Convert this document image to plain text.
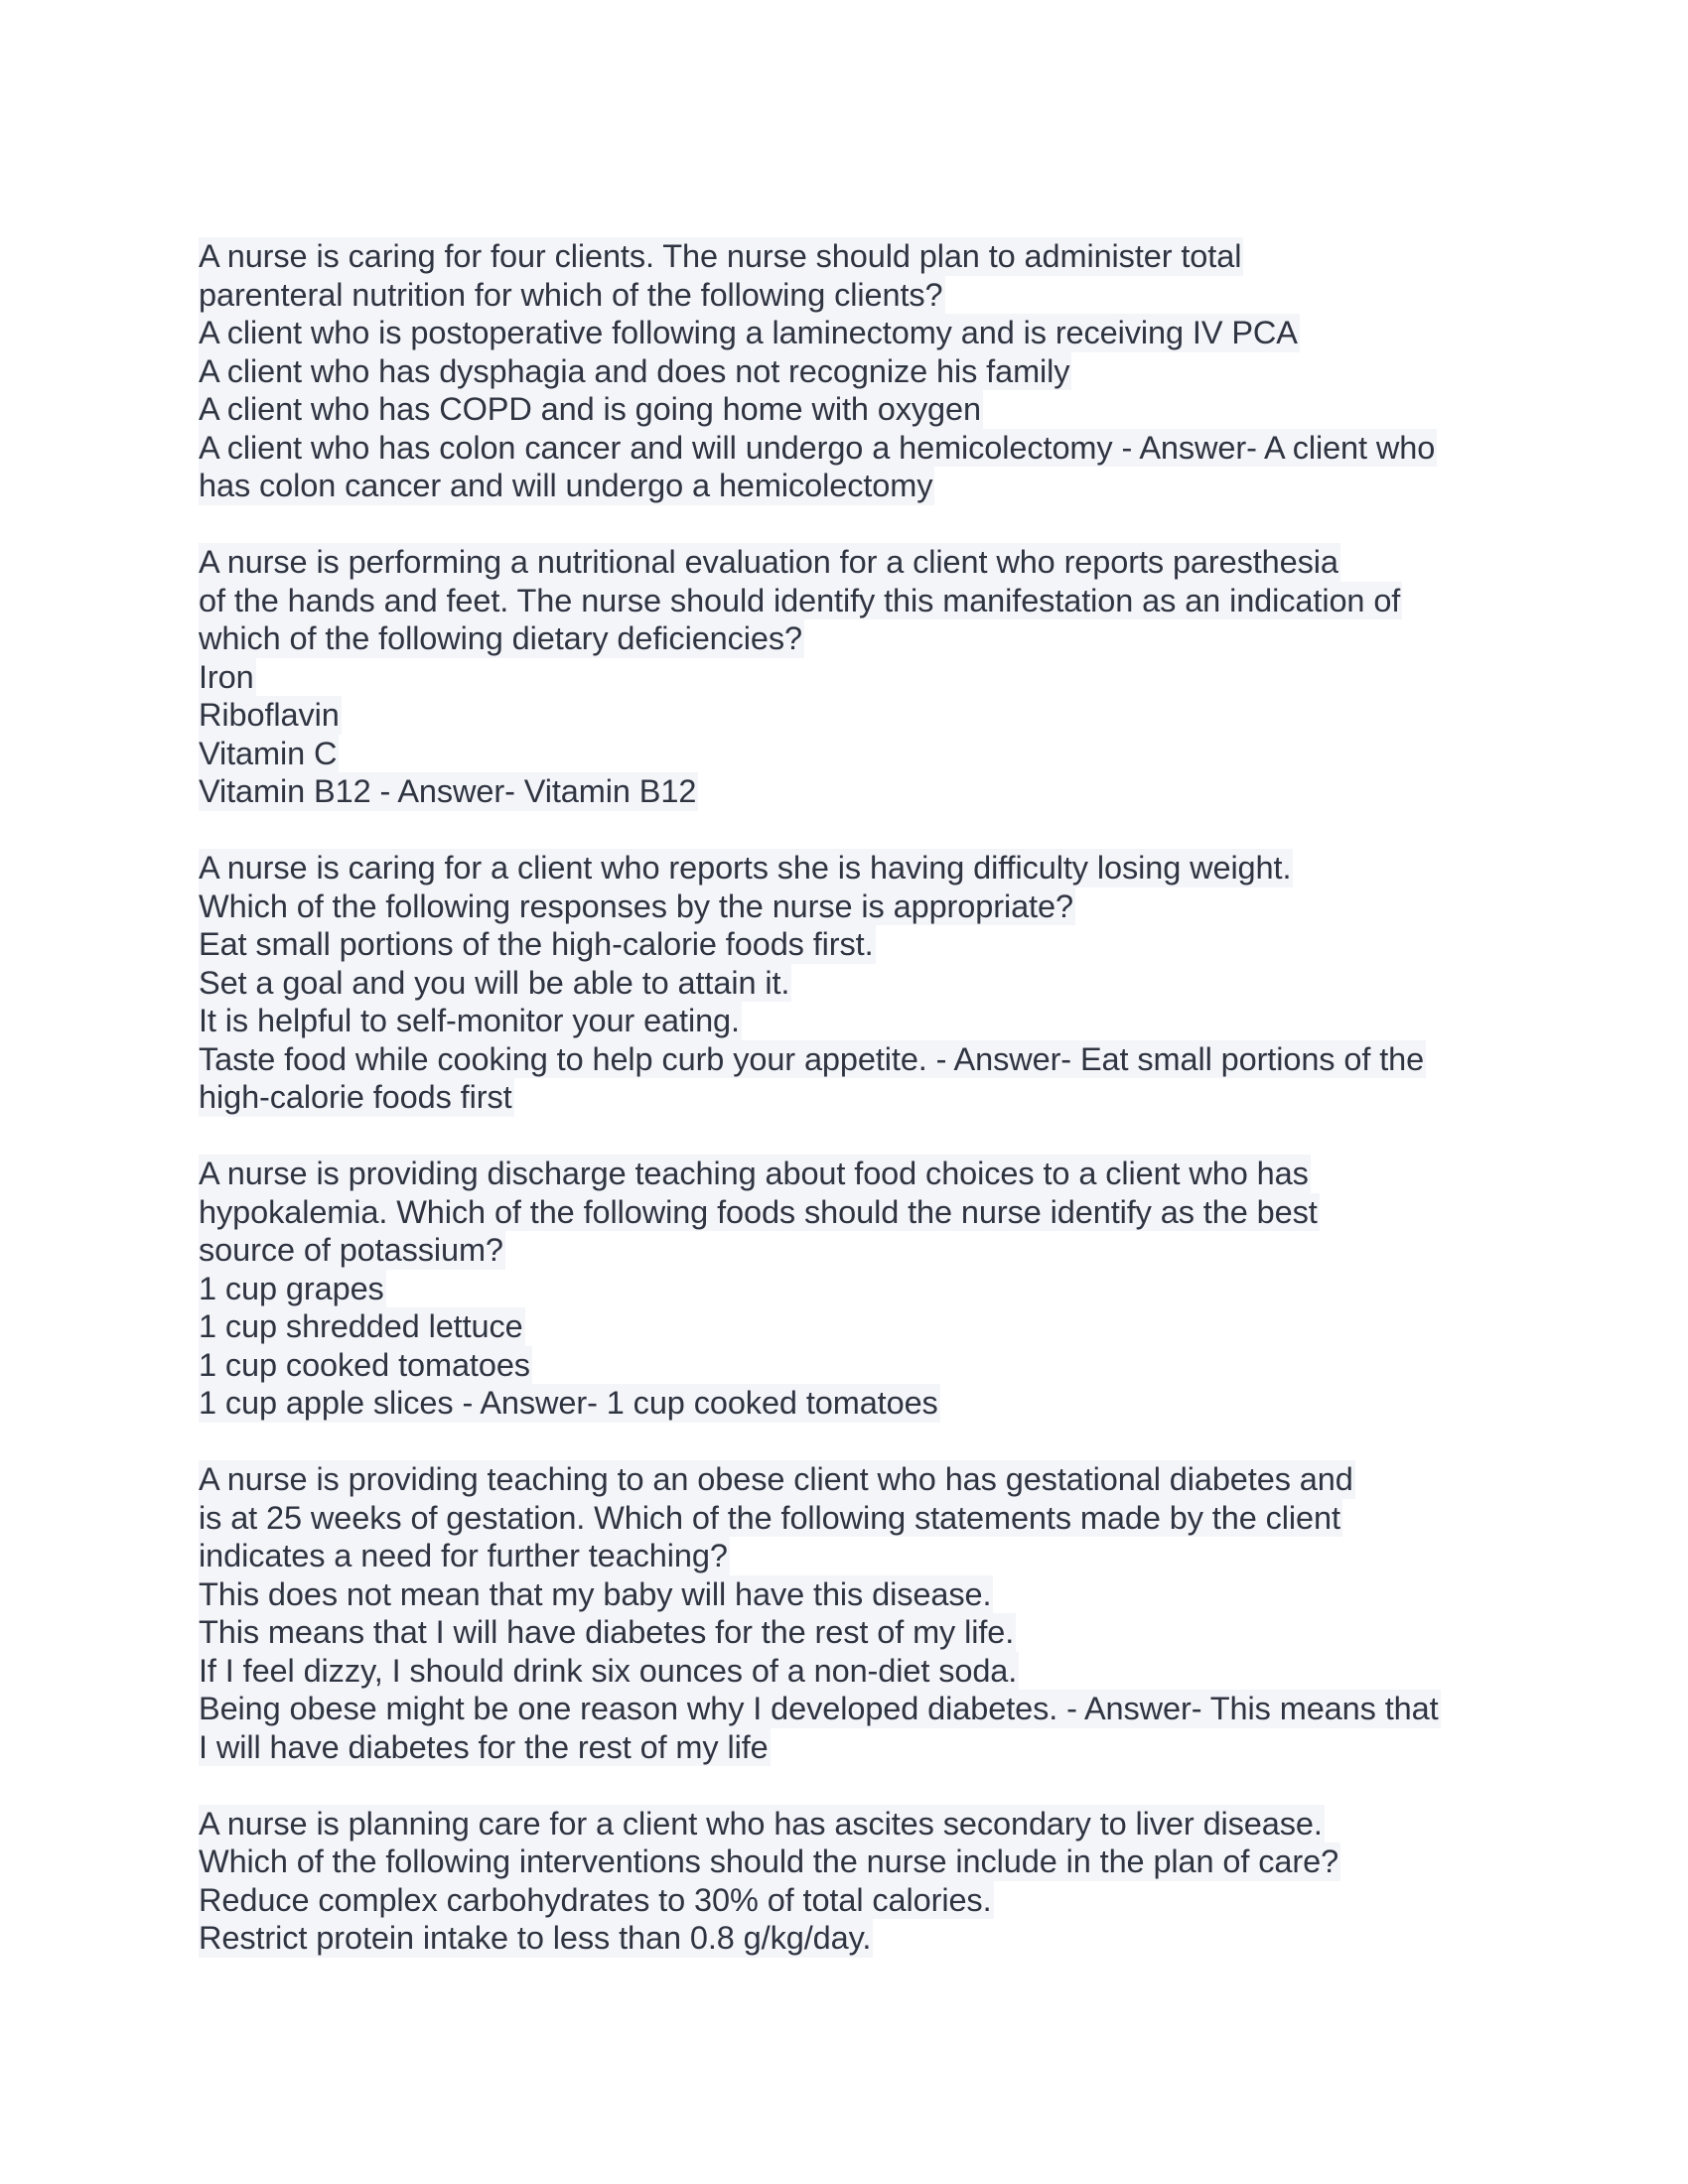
A nurse is caring for four clients. The nurse should plan to administer total
parenteral nutrition for which of the following clients?
A client who is postoperative following a laminectomy and is receiving IV PCA
A client who has dysphagia and does not recognize his family
A client who has COPD and is going home with oxygen
A client who has colon cancer and will undergo a hemicolectomy - Answer- A client who
has colon cancer and will undergo a hemicolectomy
A nurse is performing a nutritional evaluation for a client who reports paresthesia
of the hands and feet. The nurse should identify this manifestation as an indication of
which of the following dietary deficiencies?
Iron
Riboflavin
Vitamin C
Vitamin B12 - Answer- Vitamin B12
A nurse is caring for a client who reports she is having difficulty losing weight.
Which of the following responses by the nurse is appropriate?
Eat small portions of the high-calorie foods first.
Set a goal and you will be able to attain it.
It is helpful to self-monitor your eating.
Taste food while cooking to help curb your appetite. - Answer- Eat small portions of the
high-calorie foods first
A nurse is providing discharge teaching about food choices to a client who has
hypokalemia. Which of the following foods should the nurse identify as the best
source of potassium?
1 cup grapes
1 cup shredded lettuce
1 cup cooked tomatoes
1 cup apple slices - Answer- 1 cup cooked tomatoes
A nurse is providing teaching to an obese client who has gestational diabetes and
is at 25 weeks of gestation. Which of the following statements made by the client
indicates a need for further teaching?
This does not mean that my baby will have this disease.
This means that I will have diabetes for the rest of my life.
If I feel dizzy, I should drink six ounces of a non-diet soda.
Being obese might be one reason why I developed diabetes. - Answer- This means that
I will have diabetes for the rest of my life
A nurse is planning care for a client who has ascites secondary to liver disease.
Which of the following interventions should the nurse include in the plan of care?
Reduce complex carbohydrates to 30% of total calories.
Restrict protein intake to less than 0.8 g/kg/day.
